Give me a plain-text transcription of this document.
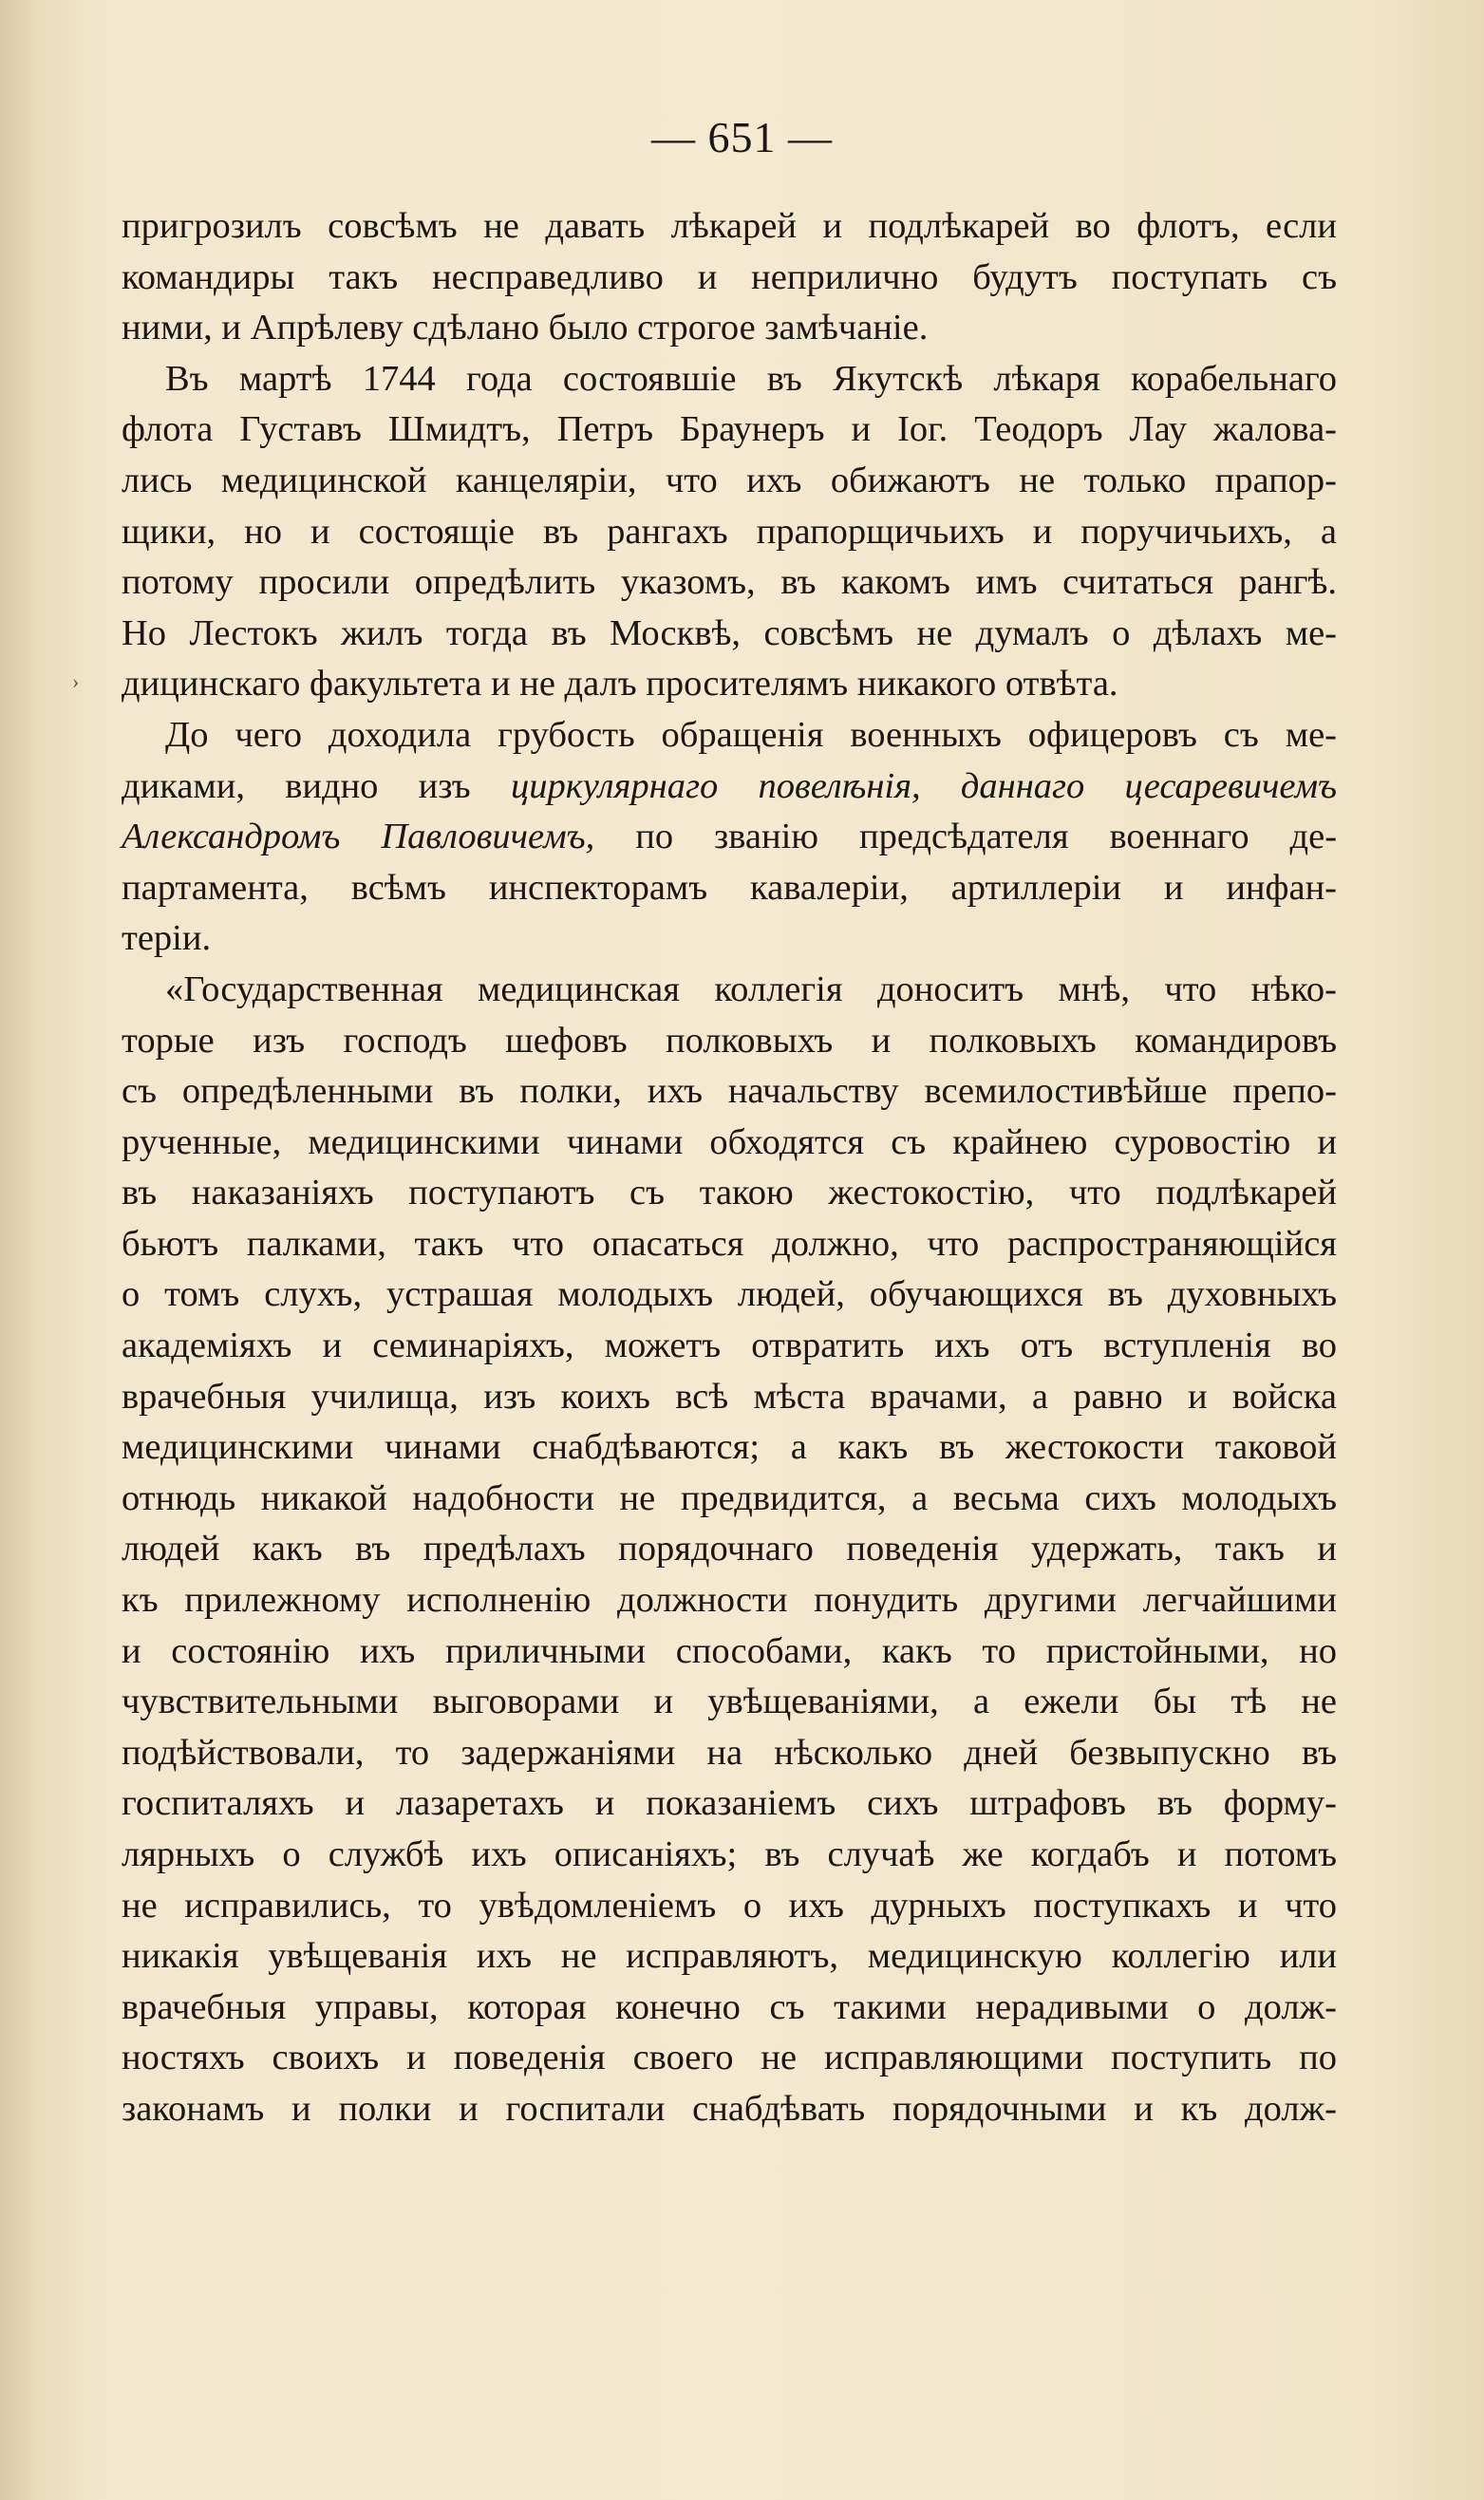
— 651 —
›
пригрозилъ совсѣмъ не давать лѣкарей и подлѣкарей во флотъ, если
командиры такъ несправедливо и неприлично будутъ поступать съ
ними, и Апрѣлеву сдѣлано было строгое замѣчаніе.
Въ мартѣ 1744 года состоявшіе въ Якутскѣ лѣкаря корабельнаго
флота Густавъ Шмидтъ, Петръ Браунеръ и Іог. Теодоръ Лау жалова-
лись медицинской канцеляріи, что ихъ обижаютъ не только прапор-
щики, но и состоящіе въ рангахъ прапорщичьихъ и поручичьихъ, а
потому просили опредѣлить указомъ, въ какомъ имъ считаться рангѣ.
Но Лестокъ жилъ тогда въ Москвѣ, совсѣмъ не думалъ о дѣлахъ ме-
дицинскаго факультета и не далъ просителямъ никакого отвѣта.
До чего доходила грубость обращенія военныхъ офицеровъ съ ме-
диками, видно изъ циркулярнаго повелѣнія, даннаго цесаревичемъ
Александромъ Павловичемъ, по званію предсѣдателя военнаго де-
партамента, всѣмъ инспекторамъ кавалеріи, артиллеріи и инфан-
теріи.
«Государственная медицинская коллегія доноситъ мнѣ, что нѣко-
торые изъ господъ шефовъ полковыхъ и полковыхъ командировъ
съ опредѣленными въ полки, ихъ начальству всемилостивѣйше препо-
рученные, медицинскими чинами обходятся съ крайнею суровостію и
въ наказаніяхъ поступаютъ съ такою жестокостію, что подлѣкарей
бьютъ палками, такъ что опасаться должно, что распространяющійся
о томъ слухъ, устрашая молодыхъ людей, обучающихся въ духовныхъ
академіяхъ и семинаріяхъ, можетъ отвратить ихъ отъ вступленія во
врачебныя училища, изъ коихъ всѣ мѣста врачами, а равно и войска
медицинскими чинами снабдѣваются; а какъ въ жестокости таковой
отнюдь никакой надобности не предвидится, а весьма сихъ молодыхъ
людей какъ въ предѣлахъ порядочнаго поведенія удержать, такъ и
къ прилежному исполненію должности понудить другими легчайшими
и состоянію ихъ приличными способами, какъ то пристойными, но
чувствительными выговорами и увѣщеваніями, а ежели бы тѣ не
подѣйствовали, то задержаніями на нѣсколько дней безвыпускно въ
госпиталяхъ и лазаретахъ и показаніемъ сихъ штрафовъ въ форму-
лярныхъ о службѣ ихъ описаніяхъ; въ случаѣ же когдабъ и потомъ
не исправились, то увѣдомленіемъ о ихъ дурныхъ поступкахъ и что
никакія увѣщеванія ихъ не исправляютъ, медицинскую коллегію или
врачебныя управы, которая конечно съ такими нерадивыми о долж-
ностяхъ своихъ и поведенія своего не исправляющими поступить по
законамъ и полки и госпитали снабдѣвать порядочными и къ долж-
